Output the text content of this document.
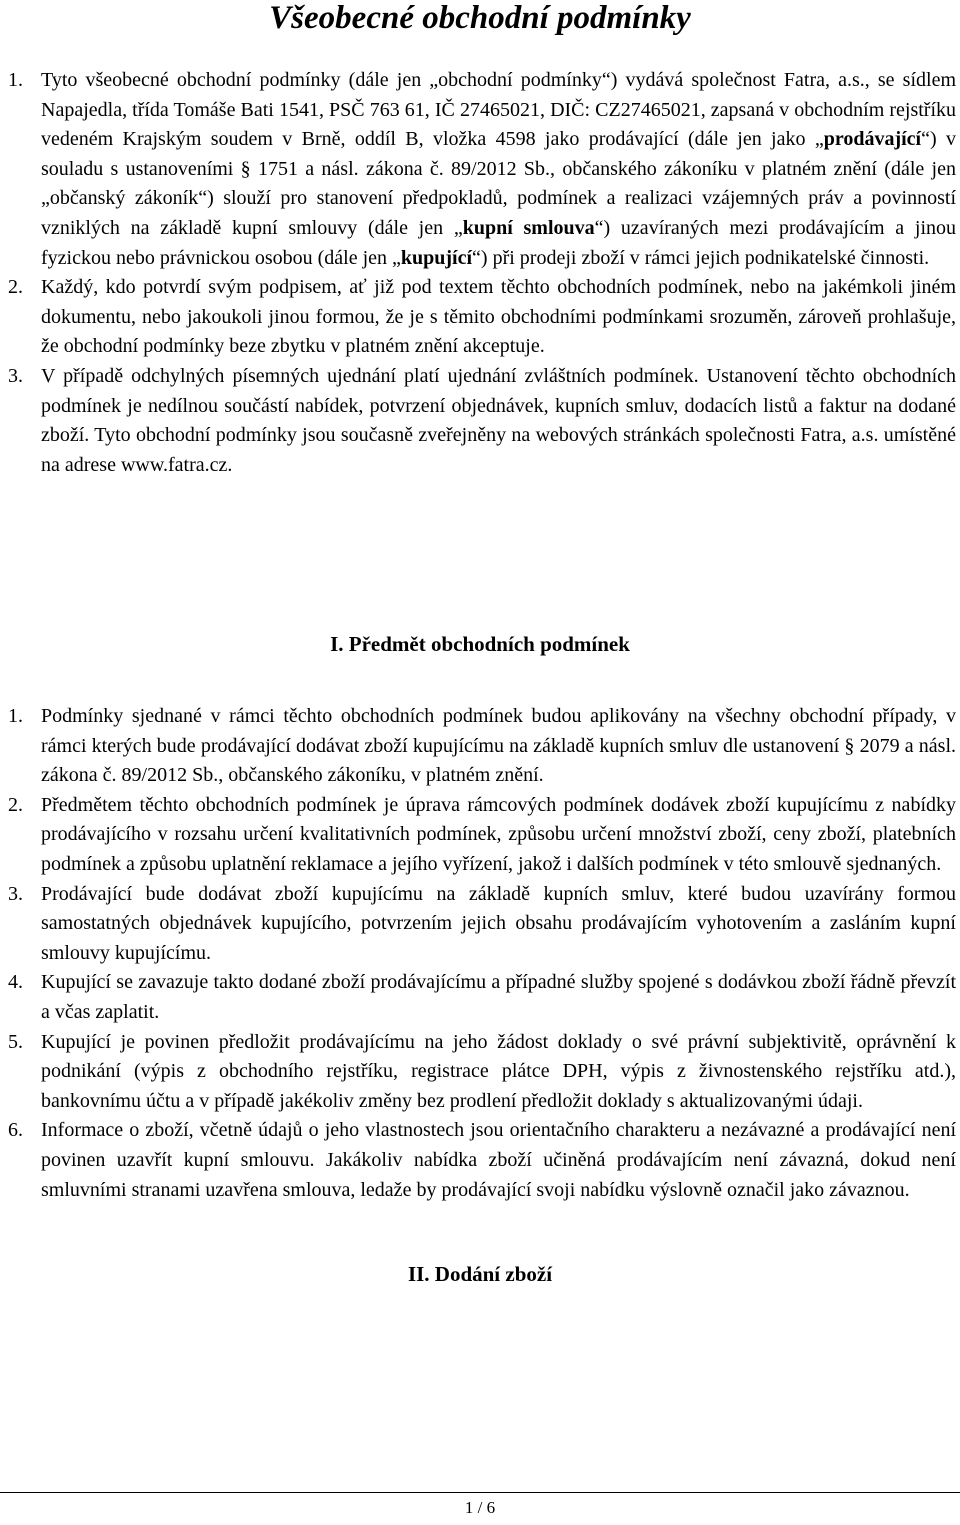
Všeobecné obchodní podmínky
1. Tyto všeobecné obchodní podmínky (dále jen „obchodní podmínky“) vydává společnost Fatra, a.s., se sídlem Napajedla, třída Tomáše Bati 1541, PSČ 763 61, IČ 27465021, DIČ: CZ27465021, zapsaná v obchodním rejstříku vedeném Krajským soudem v Brně, oddíl B, vložka 4598 jako prodávající (dále jen jako „prodávající“) v souladu s ustanoveními § 1751 a násl. zákona č. 89/2012 Sb., občanského zákoníku v platném znění (dále jen „občanský zákoník“) slouží pro stanovení předpokladů, podmínek a realizaci vzájemných práv a povinností vzniklých na základě kupní smlouvy (dále jen „kupní smlouva“) uzavíraných mezi prodávajícím a jinou fyzickou nebo právnickou osobou (dále jen „kupující“) při prodeji zboží v rámci jejich podnikatelské činnosti.
2. Každý, kdo potvrdí svým podpisem, ať již pod textem těchto obchodních podmínek, nebo na jakémkoli jiném dokumentu, nebo jakoukoli jinou formou, že je s těmito obchodními podmínkami srozuměn, zároveň prohlašuje, že obchodní podmínky beze zbytku v platném znění akceptuje.
3. V případě odchylných písemných ujednání platí ujednání zvláštních podmínek. Ustanovení těchto obchodních podmínek je nedílnou součástí nabídek, potvrzení objednávek, kupních smluv, dodacích listů a faktur na dodané zboží. Tyto obchodní podmínky jsou současně zveřejněny na webových stránkách společnosti Fatra, a.s. umístěné na adrese www.fatra.cz.
I. Předmět obchodních podmínek
1. Podmínky sjednané v rámci těchto obchodních podmínek budou aplikovány na všechny obchodní případy, v rámci kterých bude prodávající dodávat zboží kupujícímu na základě kupních smluv dle ustanovení § 2079 a násl. zákona č. 89/2012 Sb., občanského zákoníku, v platném znění.
2. Předmětem těchto obchodních podmínek je úprava rámcových podmínek dodávek zboží kupujícímu z nabídky prodávajícího v rozsahu určení kvalitativních podmínek, způsobu určení množství zboží, ceny zboží, platebních podmínek a způsobu uplatnění reklamace a jejího vyřízení, jakož i dalších podmínek v této smlouvě sjednaných.
3. Prodávající bude dodávat zboží kupujícímu na základě kupních smluv, které budou uzavírány formou samostatných objednávek kupujícího, potvrzením jejich obsahu prodávajícím vyhotovením a zasláním kupní smlouvy kupujícímu.
4. Kupující se zavazuje takto dodané zboží prodávajícímu a případné služby spojené s dodávkou zboží řádně převzít a včas zaplatit.
5. Kupující je povinen předložit prodávajícímu na jeho žádost doklady o své právní subjektivitě, oprávnění k podnikání (výpis z obchodního rejstříku, registrace plátce DPH, výpis z živnostenského rejstříku atd.), bankovnímu účtu a v případě jakékoliv změny bez prodlení předložit doklady s aktualizovanými údaji.
6. Informace o zboží, včetně údajů o jeho vlastnostech jsou orientačního charakteru a nezávazné a prodávající není povinen uzavřít kupní smlouvu. Jakákoliv nabídka zboží učiněná prodávajícím není závazná, dokud není smluvními stranami uzavřena smlouva, ledaže by prodávající svoji nabídku výslovně označil jako závaznou.
II. Dodání zboží
1 / 6
